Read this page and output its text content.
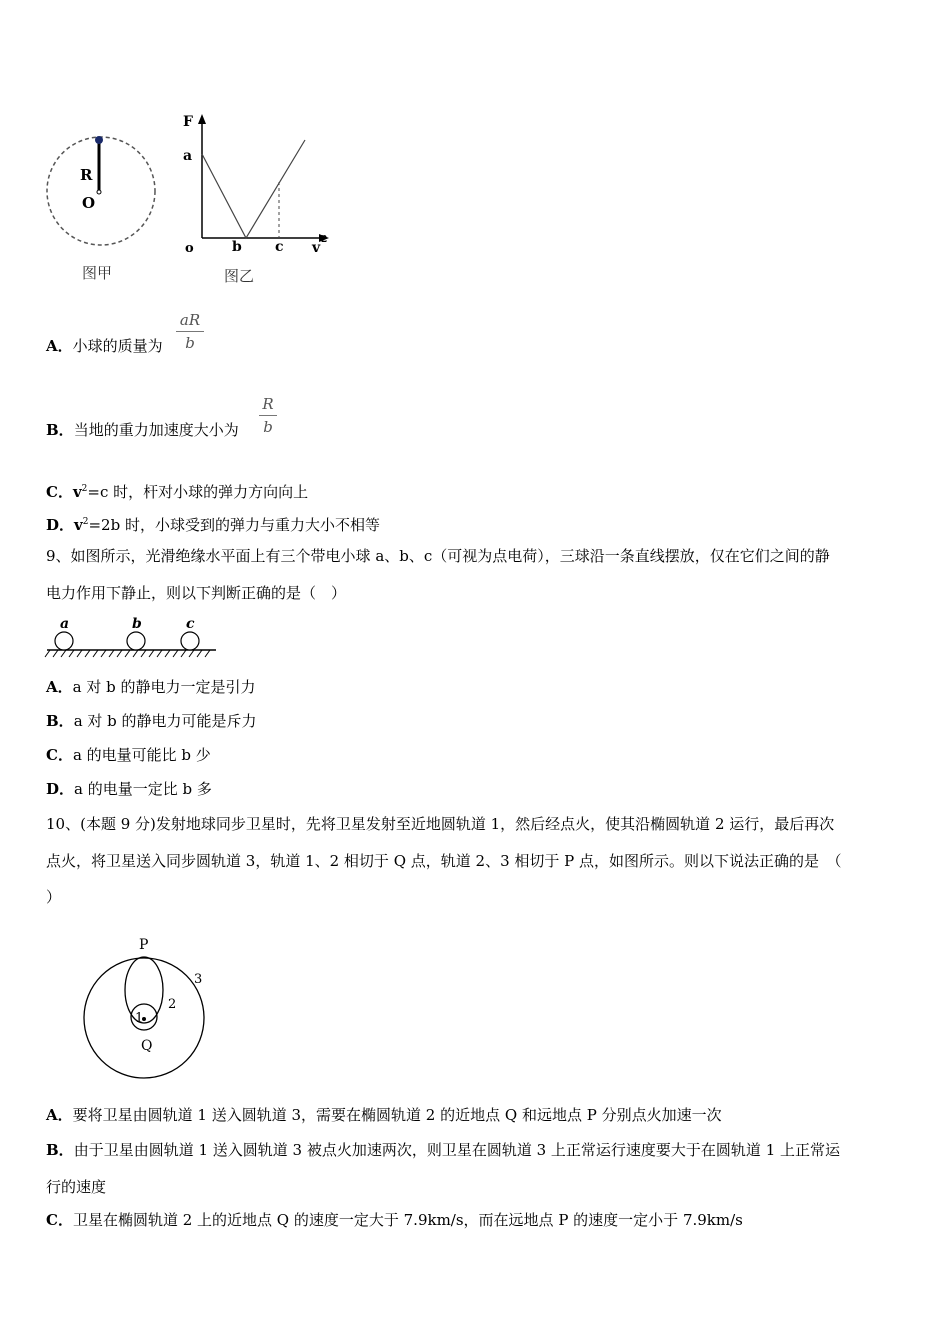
R
O
图甲
F
a
o	b c v 2
图乙
A．小球的质量为
aR
b
B．当地的重力加速度大小为
R
b
C．$v^2=c$ 时，杆对小球的弹力方向向上
D．$v^2=2b$ 时，小球受到的弹力与重力大小不相等
9、如图所示，光滑绝缘水平面上有三个带电小球 a、b、c（可视为点电荷），三球沿一条直线摆放，仅在它们之间的静
电力作用下静止，则以下判断正确的是（　）
a	b	c
A．a 对 b 的静电力一定是引力
B．a 对 b 的静电力可能是斥力
C．a 的电量可能比 b 少
D．a 的电量一定比 b 多
10、(本题 9 分)发射地球同步卫星时，先将卫星发射至近地圆轨道 1，然后经点火，使其沿椭圆轨道 2 运行，最后再次
点火，将卫星送入同步圆轨道 3，轨道 1、2 相切于 Q 点，轨道 2、3 相切于 P 点，如图所示。则以下说法正确的是　（
）
P
Q
1
2
3
A．要将卫星由圆轨道 1 送入圆轨道 3，需要在椭圆轨道 2 的近地点 Q 和远地点 P 分别点火加速一次
B．由于卫星由圆轨道 1 送入圆轨道 3 被点火加速两次，则卫星在圆轨道 3 上正常运行速度要大于在圆轨道 1 上正常运
行的速度
C．卫星在椭圆轨道 2 上的近地点 Q 的速度一定大于 7.9km/s，而在远地点 P 的速度一定小于 7.9km/s
